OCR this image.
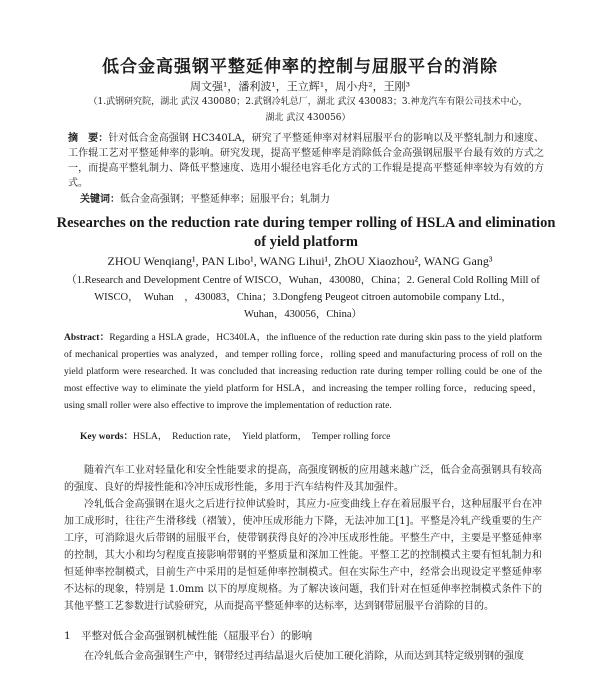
低合金高强钢平整延伸率的控制与屈服平台的消除
周文强¹，潘利波¹，王立辉¹，周小舟²，王刚³
（1.武钢研究院，湖北 武汉 430080；2.武钢冷轧总厂，湖北 武汉 430083；3.神龙汽车有限公司技术中心，
湖北 武汉 430056）
摘　要：针对低合金高强钢 HC340LA，研究了平整延伸率对材料屈服平台的影响以及平整轧制力和速度、工作辊工艺对平整延伸率的影响。研究发现，提高平整延伸率是消除低合金高强钢屈服平台最有效的方式之一，而提高平整轧制力、降低平整速度、选用小辊径电容毛化方式的工作辊是提高平整延伸率较为有效的方式。
关键词：低合金高强钢；平整延伸率；屈服平台；轧制力
Researches on the reduction rate during temper rolling of HSLA and elimination of yield platform
ZHOU Wenqiang¹, PAN Libo¹, WANG Lihui¹, ZhOU Xiaozhou², WANG Gang³
（1.Research and Development Centre of WISCO，Wuhan，430080，China；2. General Cold Rolling Mill of
WISCO，　Wuhan　，430083，China；3.Dongfeng Peugeot citroen automobile company Ltd.，
Wuhan，430056，China）
Abstract：Regarding a HSLA grade，HC340LA，the influence of the reduction rate during skin pass to the yield platform of mechanical properties was analyzed，and temper rolling force，rolling speed and manufacturing process of roll on the yield platform were researched. It was concluded that increasing reduction rate during temper rolling could be one of the most effective way to eliminate the yield platform for HSLA，and increasing the temper rolling force，reducing speed，using small roller were also effective to improve the implementation of reduction rate.
Key words：HSLA，　Reduction rate，　Yield platform，　Temper rolling force

随着汽车工业对轻量化和安全性能要求的提高，高强度钢板的应用越来越广泛，低合金高强钢具有较高的强度、良好的焊接性能和冷冲压成形性能，多用于汽车结构件及其加强件。

冷轧低合金高强钢在退火之后进行拉伸试验时，其应力-应变曲线上存在着屈服平台，这种屈服平台在冲加工成形时，往往产生滑移线（褶皱），使冲压成形能力下降，无法冲加工[1]。平整是冷轧产线重要的生产工序，可消除退火后带钢的屈服平台，使带钢获得良好的冷冲压成形性能。平整生产中，主要是平整延伸率的控制，其大小和均匀程度直接影响带钢的平整质量和深加工性能。平整工艺的控制模式主要有恒轧制力和恒延伸率控制模式，目前生产中采用的是恒延伸率控制模式。但在实际生产中，经常会出现设定平整延伸率不达标的现象，特别是 1.0mm 以下的厚度规格。为了解决该问题，我们针对在恒延伸率控制模式条件下的其他平整工艺参数进行试验研究，从而提高平整延伸率的达标率，达到钢带屈服平台消除的目的。

1　平整对低合金高强钢机械性能（屈服平台）的影响
在冷轧低合金高强钢生产中，钢带经过再结晶退火后使加工硬化消除，从而达到其特定级别钢的强度
